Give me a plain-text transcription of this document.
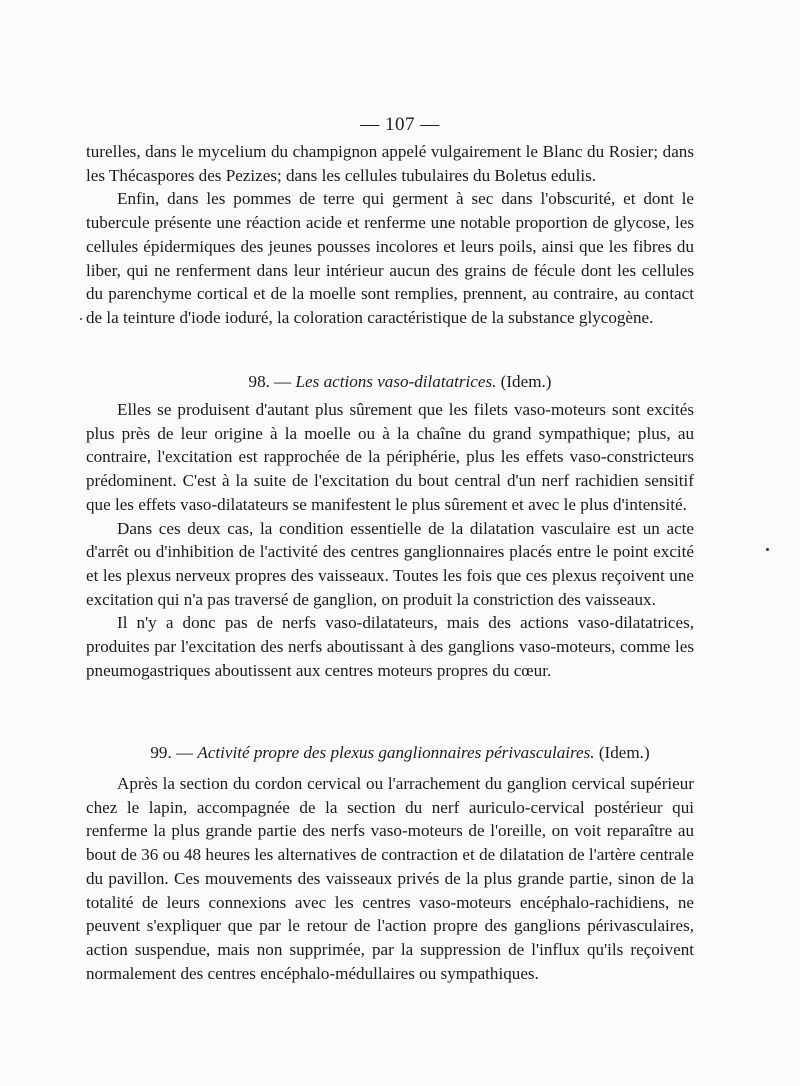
— 107 —

turelles, dans le mycelium du champignon appelé vulgairement le Blanc du Rosier; dans les Thécaspores des Pezizes; dans les cellules tubulaires du Boletus edulis.

Enfin, dans les pommes de terre qui germent à sec dans l'obscurité, et dont le tubercule présente une réaction acide et renferme une notable proportion de glycose, les cellules épidermiques des jeunes pousses incolores et leurs poils, ainsi que les fibres du liber, qui ne renferment dans leur intérieur aucun des grains de fécule dont les cellules du parenchyme cortical et de la moelle sont remplies, prennent, au contraire, au contact de la teinture d'iode ioduré, la coloration caractéristique de la substance glycogène.

98. — Les actions vaso-dilatatrices. (Idem.)

Elles se produisent d'autant plus sûrement que les filets vaso-moteurs sont excités plus près de leur origine à la moelle ou à la chaîne du grand sympathique; plus, au contraire, l'excitation est rapprochée de la périphérie, plus les effets vaso-constricteurs prédominent. C'est à la suite de l'excitation du bout central d'un nerf rachidien sensitif que les effets vaso-dilatateurs se manifestent le plus sûrement et avec le plus d'intensité.

Dans ces deux cas, la condition essentielle de la dilatation vasculaire est un acte d'arrêt ou d'inhibition de l'activité des centres ganglionnaires placés entre le point excité et les plexus nerveux propres des vaisseaux. Toutes les fois que ces plexus reçoivent une excitation qui n'a pas traversé de ganglion, on produit la constriction des vaisseaux.

Il n'y a donc pas de nerfs vaso-dilatateurs, mais des actions vaso-dilatatrices, produites par l'excitation des nerfs aboutissant à des ganglions vaso-moteurs, comme les pneumogastriques aboutissent aux centres moteurs propres du cœur.

99. — Activité propre des plexus ganglionnaires périvasculaires. (Idem.)

Après la section du cordon cervical ou l'arrachement du ganglion cervical supérieur chez le lapin, accompagnée de la section du nerf auriculo-cervical postérieur qui renferme la plus grande partie des nerfs vaso-moteurs de l'oreille, on voit reparaître au bout de 36 ou 48 heures les alternatives de contraction et de dilatation de l'artère centrale du pavillon. Ces mouvements des vaisseaux privés de la plus grande partie, sinon de la totalité de leurs connexions avec les centres vaso-moteurs encéphalo-rachidiens, ne peuvent s'expliquer que par le retour de l'action propre des ganglions périvasculaires, action suspendue, mais non supprimée, par la suppression de l'influx qu'ils reçoivent normalement des centres encéphalo-médullaires ou sympathiques.
